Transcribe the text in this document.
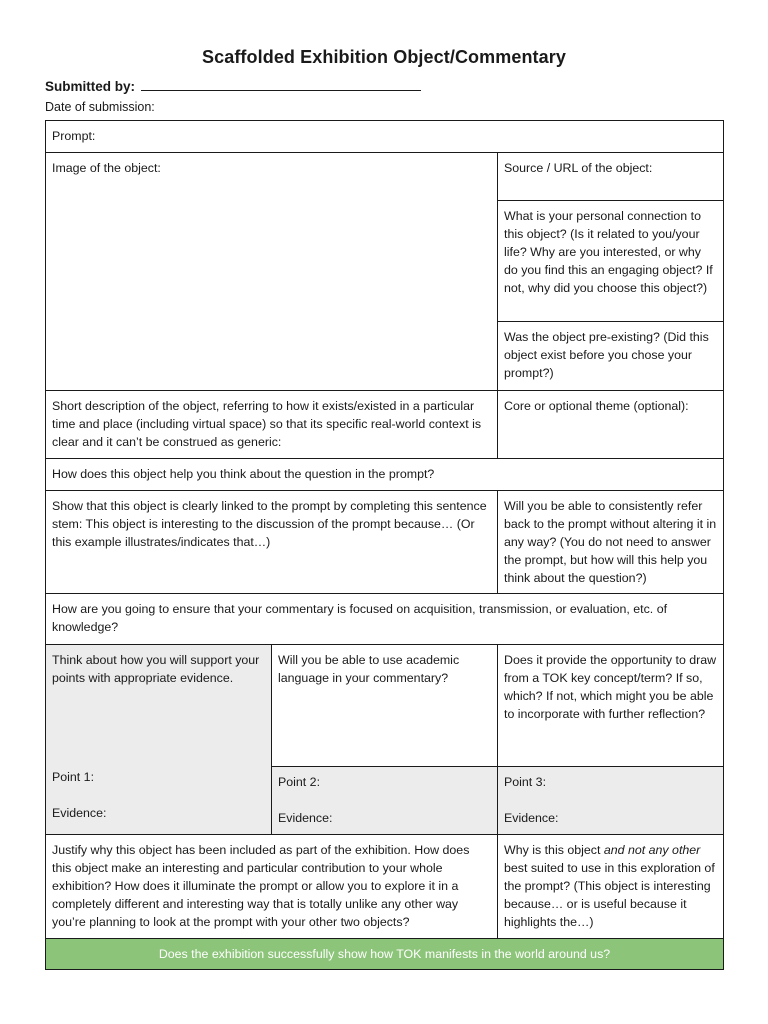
Scaffolded Exhibition Object/Commentary
Submitted by:
Date of submission:
Prompt:
Image of the object:	Source / URL of the object:
What is your personal connection to this object? (Is it related to you/your life? Why are you interested, or why do you find this an engaging object? If not, why did you choose this object?)
Was the object pre-existing? (Did this object exist before you chose your prompt?)
Short description of the object, referring to how it exists/existed in a particular time and place (including virtual space) so that its specific real-world context is clear and it can’t be construed as generic:
Core or optional theme (optional):
How does this object help you think about the question in the prompt?
Show that this object is clearly linked to the prompt by completing this sentence stem: This object is interesting to the discussion of the prompt because… (Or this example illustrates/indicates that…)
Will you be able to consistently refer back to the prompt without altering it in any way? (You do not need to answer the prompt, but how will this help you think about the question?)
How are you going to ensure that your commentary is focused on acquisition, transmission, or evaluation, etc. of knowledge?
Think about how you will support your points with appropriate evidence.
Point 1:
Evidence:
Will you be able to use academic language in your commentary?
Does it provide the opportunity to draw from a TOK key concept/term? If so, which? If not, which might you be able to incorporate with further reflection?
Point 2:
Evidence:
Point 3:
Evidence:
Justify why this object has been included as part of the exhibition. How does this object make an interesting and particular contribution to your whole exhibition? How does it illuminate the prompt or allow you to explore it in a completely different and interesting way that is totally unlike any other way you’re planning to look at the prompt with your other two objects?
Why is this object and not any other best suited to use in this exploration of the prompt? (This object is interesting because… or is useful because it highlights the…)
Does the exhibition successfully show how TOK manifests in the world around us?
